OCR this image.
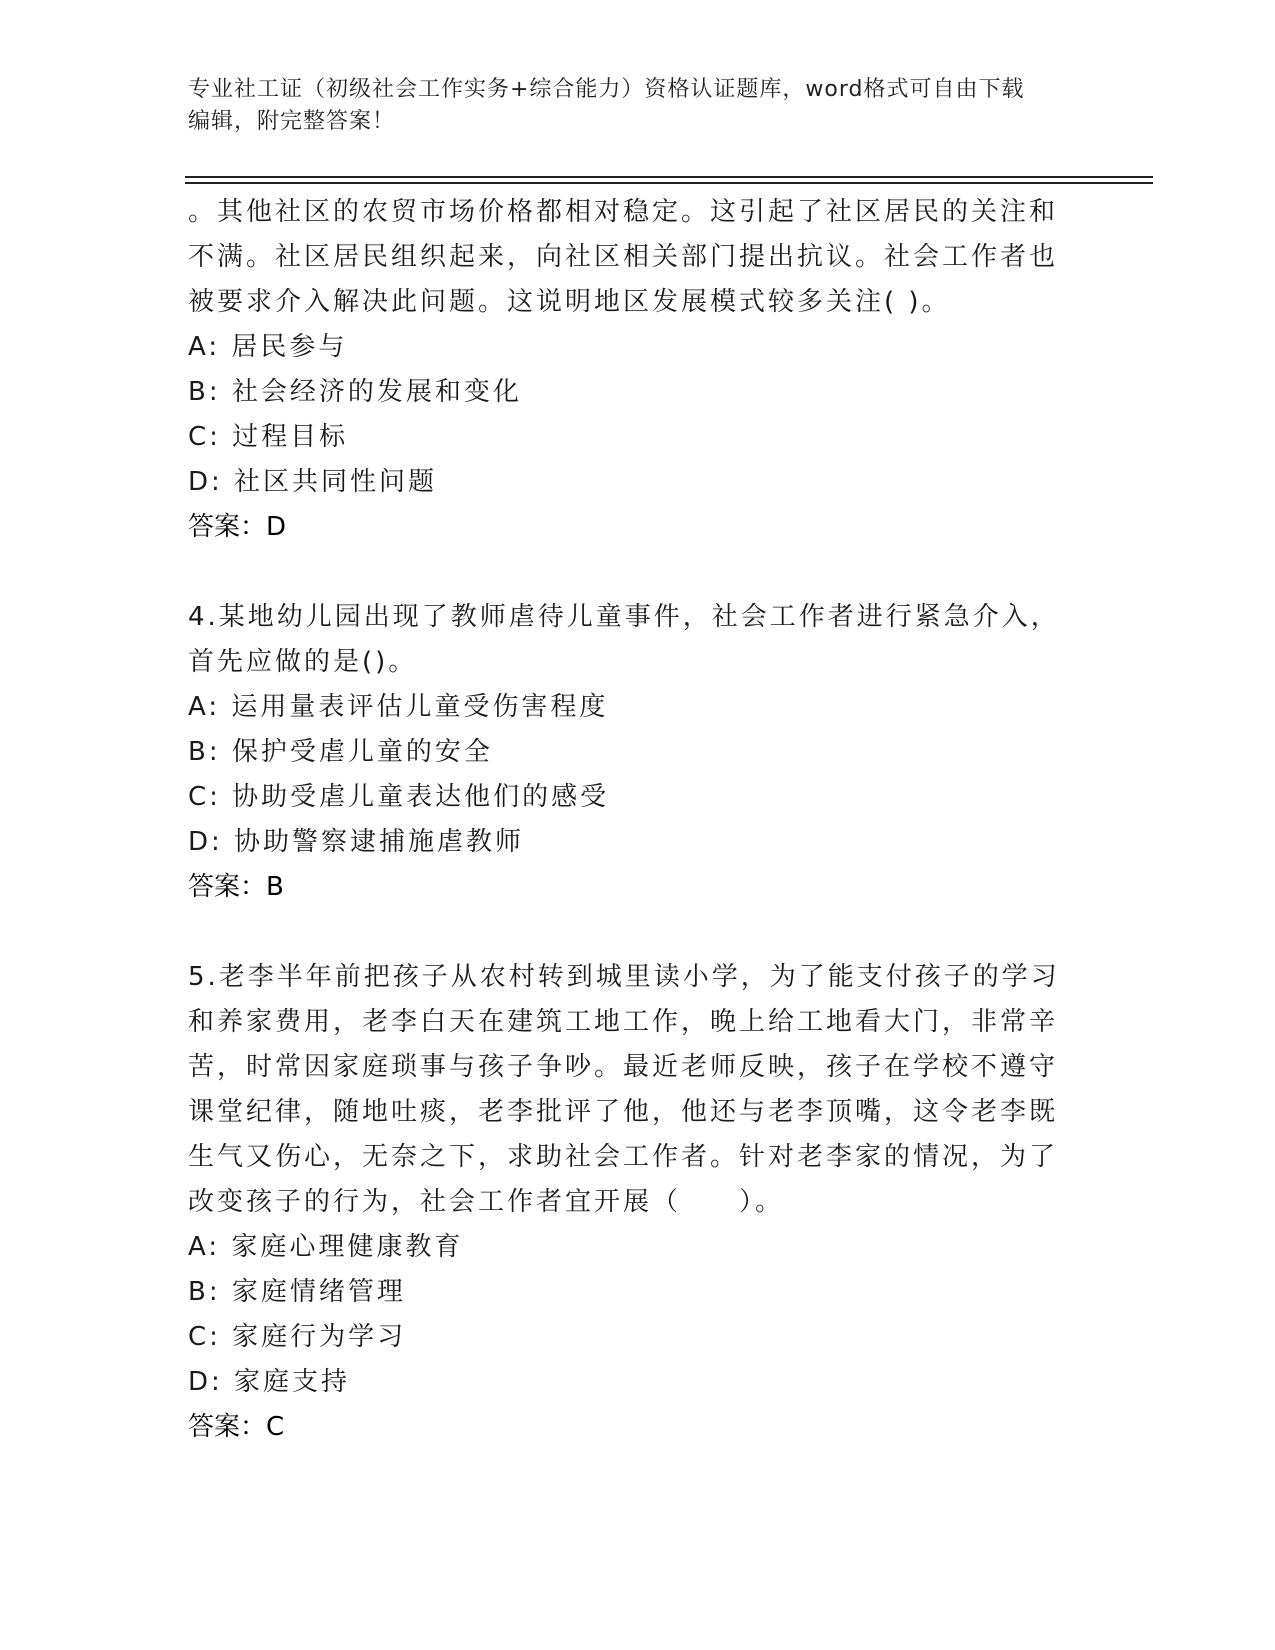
专业社工证（初级社会工作实务+综合能力）资格认证题库，word格式可自由下载
编辑，附完整答案！
。其他社区的农贸市场价格都相对稳定。这引起了社区居民的关注和
不满。社区居民组织起来，向社区相关部门提出抗议。社会工作者也
被要求介入解决此问题。这说明地区发展模式较多关注( )。
A: 居民参与
B: 社会经济的发展和变化
C: 过程目标
D: 社区共同性问题
答案：D
4.某地幼儿园出现了教师虐待儿童事件，社会工作者进行紧急介入，
首先应做的是()。
A: 运用量表评估儿童受伤害程度
B: 保护受虐儿童的安全
C: 协助受虐儿童表达他们的感受
D: 协助警察逮捕施虐教师
答案：B
5.老李半年前把孩子从农村转到城里读小学，为了能支付孩子的学习
和养家费用，老李白天在建筑工地工作，晚上给工地看大门，非常辛
苦，时常因家庭琐事与孩子争吵。最近老师反映，孩子在学校不遵守
课堂纪律，随地吐痰，老李批评了他，他还与老李顶嘴，这令老李既
生气又伤心，无奈之下，求助社会工作者。针对老李家的情况，为了
改变孩子的行为，社会工作者宜开展（　　）。
A: 家庭心理健康教育
B: 家庭情绪管理
C: 家庭行为学习
D: 家庭支持
答案：C
